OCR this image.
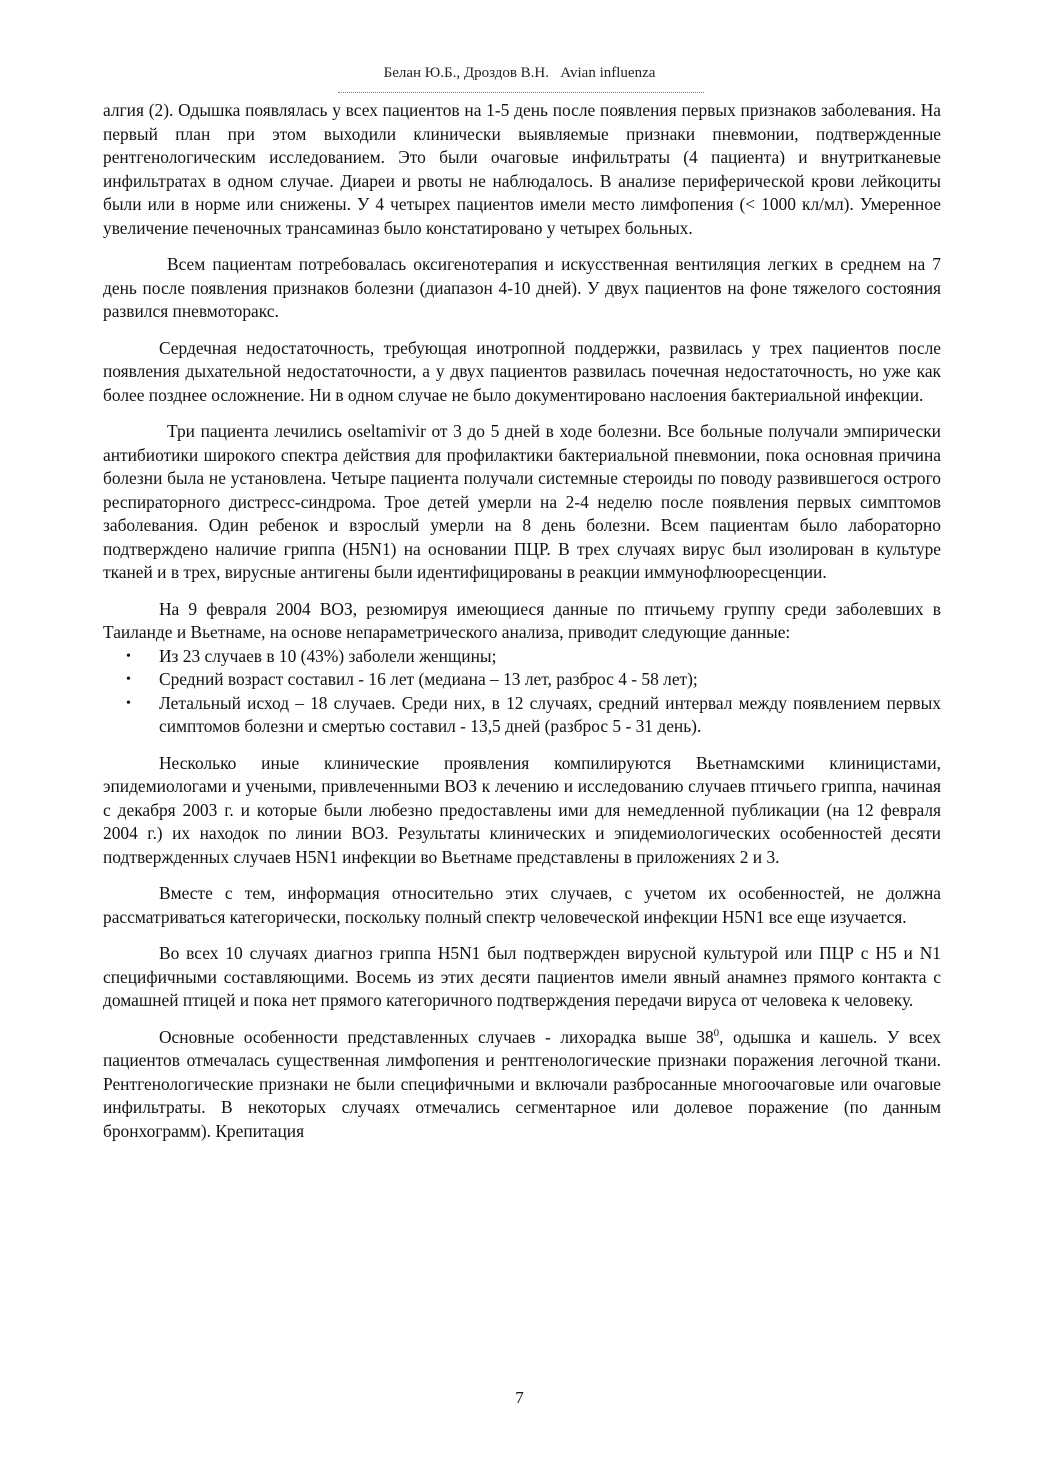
Белан Ю.Б., Дроздов В.Н. Avian influenza

алгия (2). Одышка появлялась у всех пациентов на 1-5 день после появления первых признаков заболевания. На первый план при этом выходили клинически выявляемые признаки пневмонии, подтвержденные рентгенологическим исследованием. Это были очаговые инфильтраты (4 пациента) и внутритканевые инфильтратах в одном случае. Диареи и рвоты не наблюдалось. В анализе периферической крови лейкоциты были или в норме или снижены. У 4 четырех пациентов имели место лимфопения (< 1000 кл/мл). Умеренное увеличение печеночных трансаминаз было констатировано у четырех больных.

Всем пациентам потребовалась оксигенотерапия и искусственная вентиляция легких в среднем на 7 день после появления признаков болезни (диапазон 4-10 дней). У двух пациентов на фоне тяжелого состояния развился пневмоторакс.

Сердечная недостаточность, требующая инотропной поддержки, развилась у трех пациентов после появления дыхательной недостаточности, а у двух пациентов развилась почечная недостаточность, но уже как более позднее осложнение. Ни в одном случае не было документировано наслоения бактериальной инфекции.

Три пациента лечились oseltamivir от 3 до 5 дней в ходе болезни. Все больные получали эмпирически антибиотики широкого спектра действия для профилактики бактериальной пневмонии, пока основная причина болезни была не установлена. Четыре пациента получали системные стероиды по поводу развившегося острого респираторного дистресс-синдрома. Трое детей умерли на 2-4 неделю после появления первых симптомов заболевания. Один ребенок и взрослый умерли на 8 день болезни. Всем пациентам было лабораторно подтверждено наличие гриппа (H5N1) на основании ПЦР. В трех случаях вирус был изолирован в культуре тканей и в трех, вирусные антигены были идентифицированы в реакции иммунофлюоресценции.

На 9 февраля 2004 ВОЗ, резюмируя имеющиеся данные по птичьему группу среди заболевших в Таиланде и Вьетнаме, на основе непараметрического анализа, приводит следующие данные:

• Из 23 случаев в 10 (43%) заболели женщины;
• Средний возраст составил - 16 лет (медиана – 13 лет, разброс 4 - 58 лет);
• Летальный исход – 18 случаев. Среди них, в 12 случаях, средний интервал между появлением первых симптомов болезни и смертью составил - 13,5 дней (разброс 5 - 31 день).

Несколько иные клинические проявления компилируются Вьетнамскими клиницистами, эпидемиологами и учеными, привлеченными ВОЗ к лечению и исследованию случаев птичьего гриппа, начиная с декабря 2003 г. и которые были любезно предоставлены ими для немедленной публикации (на 12 февраля 2004 г.) их находок по линии ВОЗ. Результаты клинических и эпидемиологических особенностей десяти подтвержденных случаев H5N1 инфекции во Вьетнаме представлены в приложениях 2 и 3.

Вместе с тем, информация относительно этих случаев, с учетом их особенностей, не должна рассматриваться категорически, поскольку полный спектр человеческой инфекции H5N1 все еще изучается.

Во всех 10 случаях диагноз гриппа H5N1 был подтвержден вирусной культурой или ПЦР с H5 и N1 специфичными составляющими. Восемь из этих десяти пациентов имели явный анамнез прямого контакта с домашней птицей и пока нет прямого категоричного подтверждения передачи вируса от человека к человеку.

Основные особенности представленных случаев - лихорадка выше $38^0$, одышка и кашель. У всех пациентов отмечалась существенная лимфопения и рентгенологические признаки поражения легочной ткани. Рентгенологические признаки не были специфичными и включали разбросанные многоочаговые или очаговые инфильтраты. В некоторых случаях отмечались сегментарное или долевое поражение (по данным бронхограмм). Крепитация

7
